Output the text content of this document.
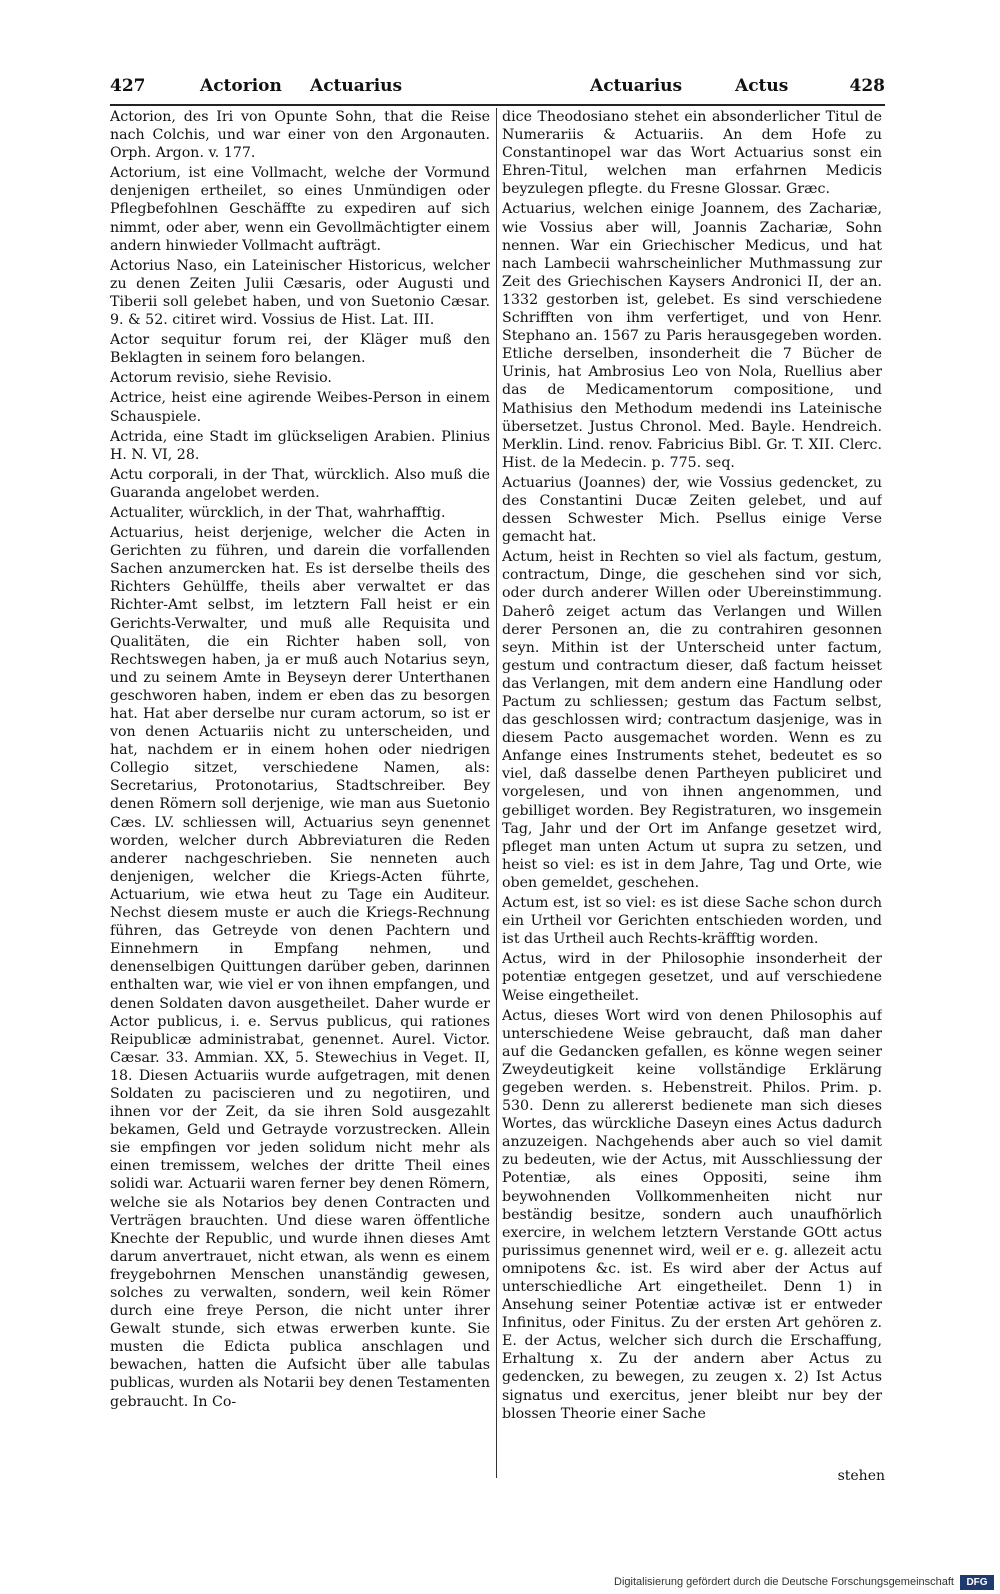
427	Actorion Actuarius	Actuarius	Actus	428

Actorion, des Iri von Opunte Sohn, that die Reise nach Colchis, und war einer von den Argonauten. Orph. Argon. v. 177.

Actorium, ist eine Vollmacht, welche der Vormund denjenigen ertheilet, so eines Unmündigen oder Pflegbefohlnen Geschäffte zu expediren auf sich nimmt, oder aber, wenn ein Gevollmächtigter einem andern hinwieder Vollmacht aufträgt.

Actorius Naso, ein Lateinischer Historicus, welcher zu denen Zeiten Julii Cæsaris, oder Augusti und Tiberii soll gelebet haben, und von Suetonio Cæsar. 9. & 52. citiret wird. Vossius de Hist. Lat. III.

Actor sequitur forum rei, der Kläger muß den Beklagten in seinem foro belangen.

Actorum revisio, siehe Revisio.

Actrice, heist eine agirende Weibes-Person in einem Schauspiele.

Actrida, eine Stadt im glückseligen Arabien. Plinius H. N. VI, 28.

Actu corporali, in der That, würcklich. Also muß die Guaranda angelobet werden.

Actualiter, würcklich, in der That, wahrhafftig.

Actuarius, heist derjenige, welcher die Acten in Gerichten zu führen, und darein die vorfallenden Sachen anzumercken hat. Es ist derselbe theils des Richters Gehülffe, theils aber verwaltet er das Richter-Amt selbst, im letztern Fall heist er ein Gerichts-Verwalter, und muß alle Requisita und Qualitäten, die ein Richter haben soll, von Rechtswegen haben, ja er muß auch Notarius seyn, und zu seinem Amte in Beyseyn derer Unterthanen geschworen haben, indem er eben das zu besorgen hat. Hat aber derselbe nur curam actorum, so ist er von denen Actuariis nicht zu unterscheiden, und hat, nachdem er in einem hohen oder niedrigen Collegio sitzet, verschiedene Namen, als: Secretarius, Protonotarius, Stadtschreiber. Bey denen Römern soll derjenige, wie man aus Suetonio Cæs. LV. schliessen will, Actuarius seyn genennet worden, welcher durch Abbreviaturen die Reden anderer nachgeschrieben. Sie nenneten auch denjenigen, welcher die Kriegs-Acten führte, Actuarium, wie etwa heut zu Tage ein Auditeur. Nechst diesem muste er auch die Kriegs-Rechnung führen, das Getreyde von denen Pachtern und Einnehmern in Empfang nehmen, und denenselbigen Quittungen darüber geben, darinnen enthalten war, wie viel er von ihnen empfangen, und denen Soldaten davon ausgetheilet. Daher wurde er Actor publicus, i. e. Servus publicus, qui rationes Reipublicæ administrabat, genennet. Aurel. Victor. Cæsar. 33. Ammian. XX, 5. Stewechius in Veget. II, 18. Diesen Actuariis wurde aufgetragen, mit denen Soldaten zu paciscieren und zu negotiiren, und ihnen vor der Zeit, da sie ihren Sold ausgezahlt bekamen, Geld und Getrayde vorzustrecken. Allein sie empfingen vor jeden solidum nicht mehr als einen tremissem, welches der dritte Theil eines solidi war. Actuarii waren ferner bey denen Römern, welche sie als Notarios bey denen Contracten und Verträgen brauchten. Und diese waren öffentliche Knechte der Republic, und wurde ihnen dieses Amt darum anvertrauet, nicht etwan, als wenn es einem freygebohrnen Menschen unanständig gewesen, solches zu verwalten, sondern, weil kein Römer durch eine freye Person, die nicht unter ihrer Gewalt stunde, sich etwas erwerben kunte. Sie musten die Edicta publica anschlagen und bewachen, hatten die Aufsicht über alle tabulas publicas, wurden als Notarii bey denen Testamenten gebraucht. In Co-

dice Theodosiano stehet ein absonderlicher Titul de Numerariis & Actuariis. An dem Hofe zu Constantinopel war das Wort Actuarius sonst ein Ehren-Titul, welchen man erfahrnen Medicis beyzulegen pflegte. du Fresne Glossar. Græc.

Actuarius, welchen einige Joannem, des Zachariæ, wie Vossius aber will, Joannis Zachariæ, Sohn nennen. War ein Griechischer Medicus, und hat nach Lambecii wahrscheinlicher Muthmassung zur Zeit des Griechischen Kaysers Andronici II, der an. 1332 gestorben ist, gelebet. Es sind verschiedene Schrifften von ihm verfertiget, und von Henr. Stephano an. 1567 zu Paris herausgegeben worden. Etliche derselben, insonderheit die 7 Bücher de Urinis, hat Ambrosius Leo von Nola, Ruellius aber das de Medicamentorum compositione, und Mathisius den Methodum medendi ins Lateinische übersetzet. Justus Chronol. Med. Bayle. Hendreich. Merklin. Lind. renov. Fabricius Bibl. Gr. T. XII. Clerc. Hist. de la Medecin. p. 775. seq.

Actuarius (Joannes) der, wie Vossius gedencket, zu des Constantini Ducæ Zeiten gelebet, und auf dessen Schwester Mich. Psellus einige Verse gemacht hat.

Actum, heist in Rechten so viel als factum, gestum, contractum, Dinge, die geschehen sind vor sich, oder durch anderer Willen oder Ubereinstimmung. Daherô zeiget actum das Verlangen und Willen derer Personen an, die zu contrahiren gesonnen seyn. Mithin ist der Unterscheid unter factum, gestum und contractum dieser, daß factum heisset das Verlangen, mit dem andern eine Handlung oder Pactum zu schliessen; gestum das Factum selbst, das geschlossen wird; contractum dasjenige, was in diesem Pacto ausgemachet worden. Wenn es zu Anfange eines Instruments stehet, bedeutet es so viel, daß dasselbe denen Partheyen publiciret und vorgelesen, und von ihnen angenommen, und gebilliget worden. Bey Registraturen, wo insgemein Tag, Jahr und der Ort im Anfange gesetzet wird, pfleget man unten Actum ut supra zu setzen, und heist so viel: es ist in dem Jahre, Tag und Orte, wie oben gemeldet, geschehen.

Actum est, ist so viel: es ist diese Sache schon durch ein Urtheil vor Gerichten entschieden worden, und ist das Urtheil auch Rechts-kräfftig worden.

Actus, wird in der Philosophie insonderheit der potentiæ entgegen gesetzet, und auf verschiedene Weise eingetheilet.

Actus, dieses Wort wird von denen Philosophis auf unterschiedene Weise gebraucht, daß man daher auf die Gedancken gefallen, es könne wegen seiner Zweydeutigkeit keine vollständige Erklärung gegeben werden. s. Hebenstreit. Philos. Prim. p. 530. Denn zu allererst bedienete man sich dieses Wortes, das würckliche Daseyn eines Actus dadurch anzuzeigen. Nachgehends aber auch so viel damit zu bedeuten, wie der Actus, mit Ausschliessung der Potentiæ, als eines Oppositi, seine ihm beywohnenden Vollkommenheiten nicht nur beständig besitze, sondern auch unaufhörlich exercire, in welchem letztern Verstande GOtt actus purissimus genennet wird, weil er e. g. allezeit actu omnipotens &c. ist. Es wird aber der Actus auf unterschiedliche Art eingetheilet. Denn 1) in Ansehung seiner Potentiæ activæ ist er entweder Infinitus, oder Finitus. Zu der ersten Art gehören z. E. der Actus, welcher sich durch die Erschaffung, Erhaltung x. Zu der andern aber Actus zu gedencken, zu bewegen, zu zeugen x. 2) Ist Actus signatus und exercitus, jener bleibt nur bey der blossen Theorie einer Sache

stehen
Digitalisierung gefördert durch die Deutsche Forschungsgemeinschaft	DFG
